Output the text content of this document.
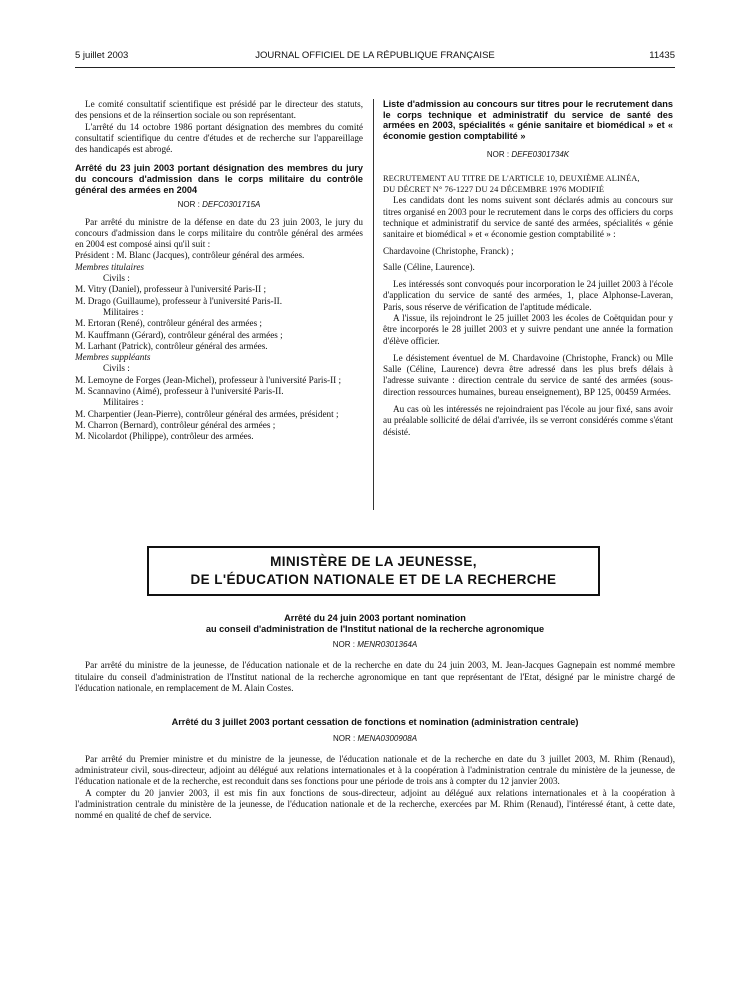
5 juillet 2003	JOURNAL OFFICIEL DE LA RÉPUBLIQUE FRANÇAISE	11435

Le comité consultatif scientifique est présidé par le directeur des statuts, des pensions et de la réinsertion sociale ou son représentant.

L'arrêté du 14 octobre 1986 portant désignation des membres du comité consultatif scientifique du centre d'études et de recherche sur l'appareillage des handicapés est abrogé.

Arrêté du 23 juin 2003 portant désignation des membres du jury du concours d'admission dans le corps militaire du contrôle général des armées en 2004

NOR : DEFC0301715A

Par arrêté du ministre de la défense en date du 23 juin 2003, le jury du concours d'admission dans le corps militaire du contrôle général des armées en 2004 est composé ainsi qu'il suit :

Président : M. Blanc (Jacques), contrôleur général des armées.

Membres titulaires

Civils :

M. Vitry (Daniel), professeur à l'université Paris-II ;

M. Drago (Guillaume), professeur à l'université Paris-II.

Militaires :

M. Ertoran (René), contrôleur général des armées ;

M. Kauffmann (Gérard), contrôleur général des armées ;

M. Larhant (Patrick), contrôleur général des armées.

Membres suppléants

Civils :

M. Lemoyne de Forges (Jean-Michel), professeur à l'université Paris-II ;

M. Scannavino (Aimé), professeur à l'université Paris-II.

Militaires :

M. Charpentier (Jean-Pierre), contrôleur général des armées, président ;

M. Charron (Bernard), contrôleur général des armées ;

M. Nicolardot (Philippe), contrôleur des armées.

Liste d'admission au concours sur titres pour le recrutement dans le corps technique et administratif du service de santé des armées en 2003, spécialités « génie sanitaire et biomédical » et « économie gestion comptabilité »

NOR : DEFE0301734K

RECRUTEMENT AU TITRE DE L'ARTICLE 10, DEUXIÈME ALINÉA,

DU DÉCRET N° 76-1227 DU 24 DÉCEMBRE 1976 MODIFIÉ

Les candidats dont les noms suivent sont déclarés admis au concours sur titres organisé en 2003 pour le recrutement dans le corps des officiers du corps technique et administratif du service de santé des armées, spécialités « génie sanitaire et biomédical » et « économie gestion comptabilité » :

Chardavoine (Christophe, Franck) ;

Salle (Céline, Laurence).

Les intéressés sont convoqués pour incorporation le 24 juillet 2003 à l'école d'application du service de santé des armées, 1, place Alphonse-Laveran, Paris, sous réserve de vérification de l'aptitude médicale.

A l'issue, ils rejoindront le 25 juillet 2003 les écoles de Coëtquidan pour y être incorporés le 28 juillet 2003 et y suivre pendant une année la formation d'élève officier.

Le désistement éventuel de M. Chardavoine (Christophe, Franck) ou Mlle Salle (Céline, Laurence) devra être adressé dans les plus brefs délais à l'adresse suivante : direction centrale du service de santé des armées (sous-direction ressources humaines, bureau enseignement), BP 125, 00459 Armées.

Au cas où les intéressés ne rejoindraient pas l'école au jour fixé, sans avoir au préalable sollicité de délai d'arrivée, ils se verront considérés comme s'étant désisté.

MINISTÈRE DE LA JEUNESSE,
DE L'ÉDUCATION NATIONALE ET DE LA RECHERCHE

Arrêté du 24 juin 2003 portant nomination

au conseil d'administration de l'Institut national de la recherche agronomique

NOR : MENR0301364A

Par arrêté du ministre de la jeunesse, de l'éducation nationale et de la recherche en date du 24 juin 2003, M. Jean-Jacques Gagnepain est nommé membre titulaire du conseil d'administration de l'Institut national de la recherche agronomique en tant que représentant de l'Etat, désigné par le ministre chargé de l'éducation nationale, en remplacement de M. Alain Costes.

Arrêté du 3 juillet 2003 portant cessation de fonctions et nomination (administration centrale)

NOR : MENA0300908A

Par arrêté du Premier ministre et du ministre de la jeunesse, de l'éducation nationale et de la recherche en date du 3 juillet 2003, M. Rhim (Renaud), administrateur civil, sous-directeur, adjoint au délégué aux relations internationales et à la coopération à l'administration centrale du ministère de la jeunesse, de l'éducation nationale et de la recherche, est reconduit dans ses fonctions pour une période de trois ans à compter du 12 janvier 2003.

A compter du 20 janvier 2003, il est mis fin aux fonctions de sous-directeur, adjoint au délégué aux relations internationales et à la coopération à l'administration centrale du ministère de la jeunesse, de l'éducation nationale et de la recherche, exercées par M. Rhim (Renaud), l'intéressé étant, à cette date, nommé en qualité de chef de service.
